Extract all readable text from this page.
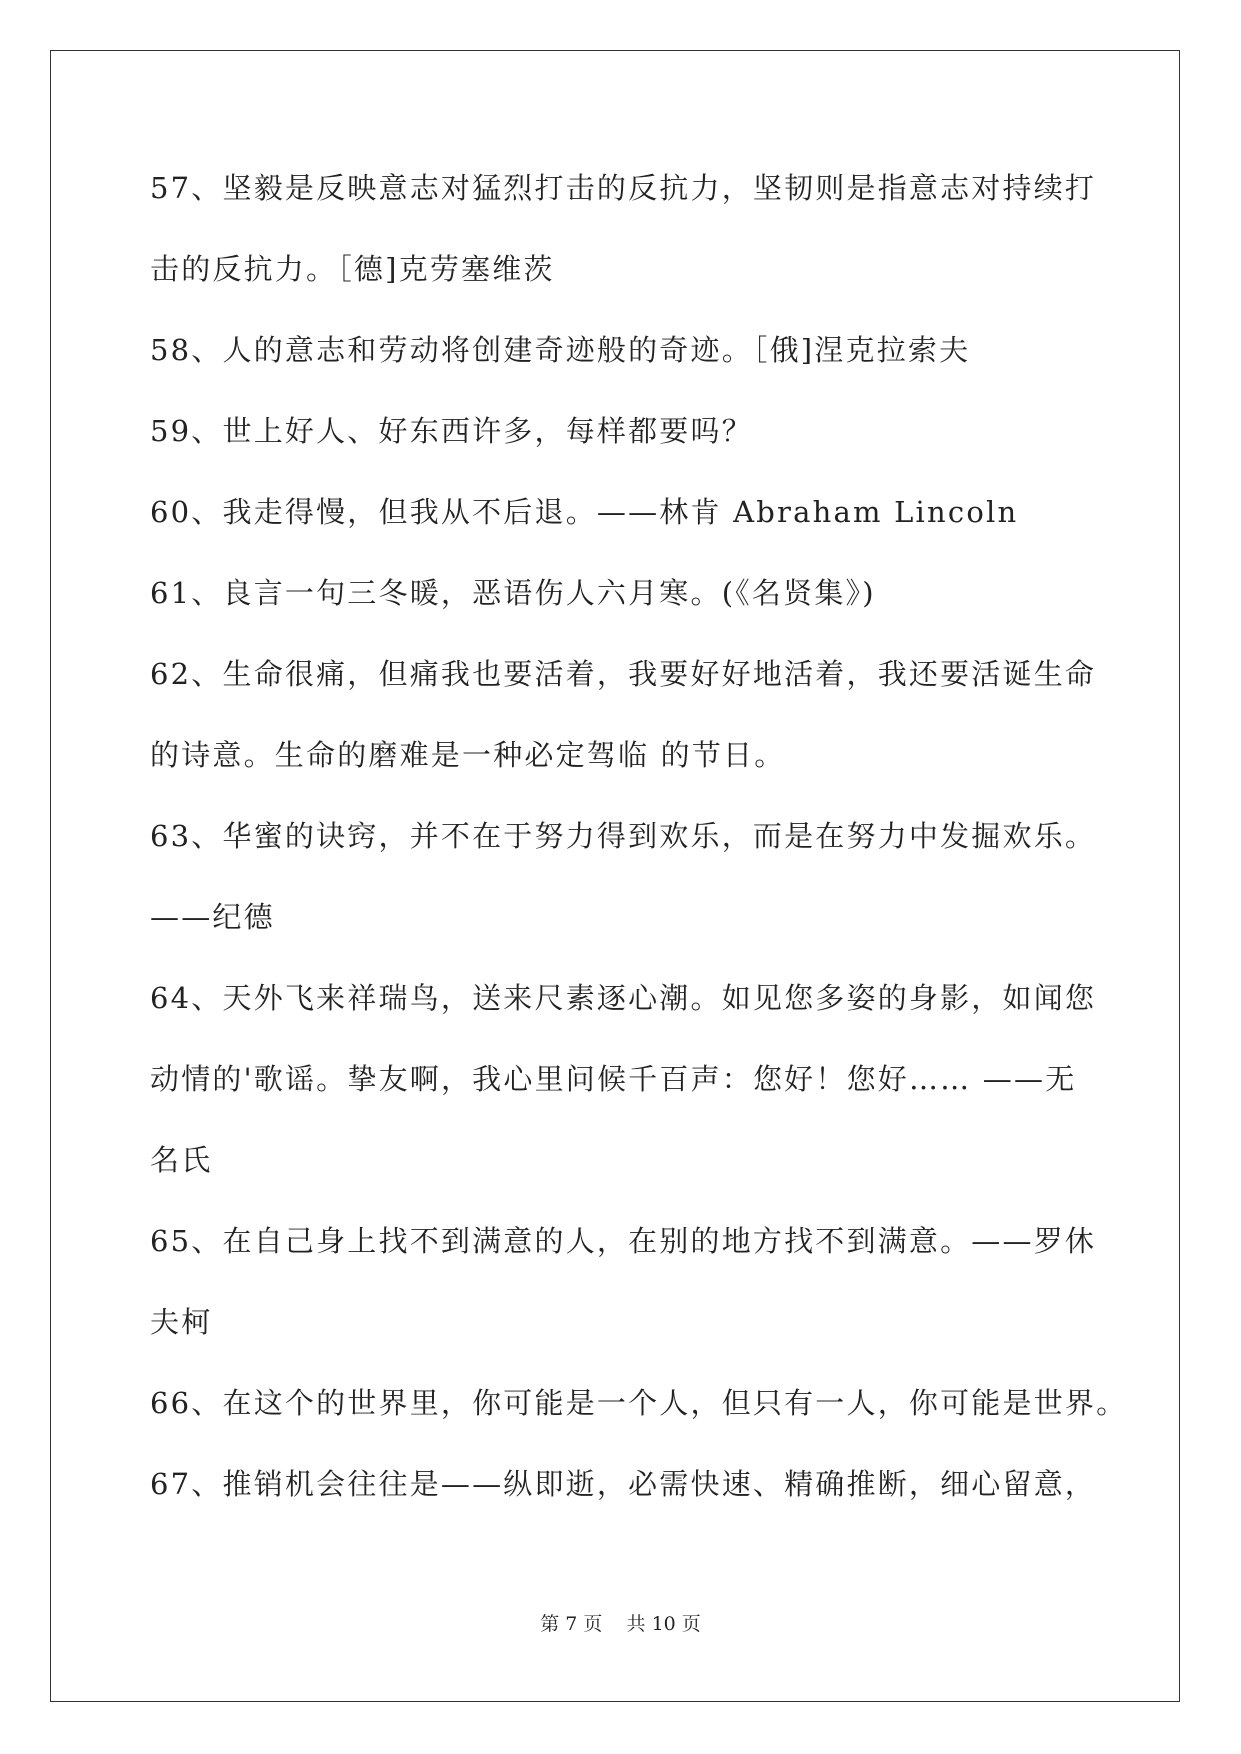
57、坚毅是反映意志对猛烈打击的反抗力，坚韧则是指意志对持续打
击的反抗力。［德]克劳塞维茨
58、人的意志和劳动将创建奇迹般的奇迹。［俄]涅克拉索夫
59、世上好人、好东西许多，每样都要吗？
60、我走得慢，但我从不后退。——林肯 Abraham Lincoln
61、良言一句三冬暖，恶语伤人六月寒。(《名贤集》)
62、生命很痛，但痛我也要活着，我要好好地活着，我还要活诞生命
的诗意。生命的磨难是一种必定驾临 的节日。
63、华蜜的诀窍，并不在于努力得到欢乐，而是在努力中发掘欢乐。
——纪德
64、天外飞来祥瑞鸟，送来尺素逐心潮。如见您多姿的身影，如闻您
动情的'歌谣。挚友啊，我心里问候千百声：您好！您好…… ——无
名氏
65、在自己身上找不到满意的人，在别的地方找不到满意。——罗休
夫柯
66、在这个的世界里，你可能是一个人，但只有一人，你可能是世界。
67、推销机会往往是——纵即逝，必需快速、精确推断，细心留意，
第 7 页 共 10 页
